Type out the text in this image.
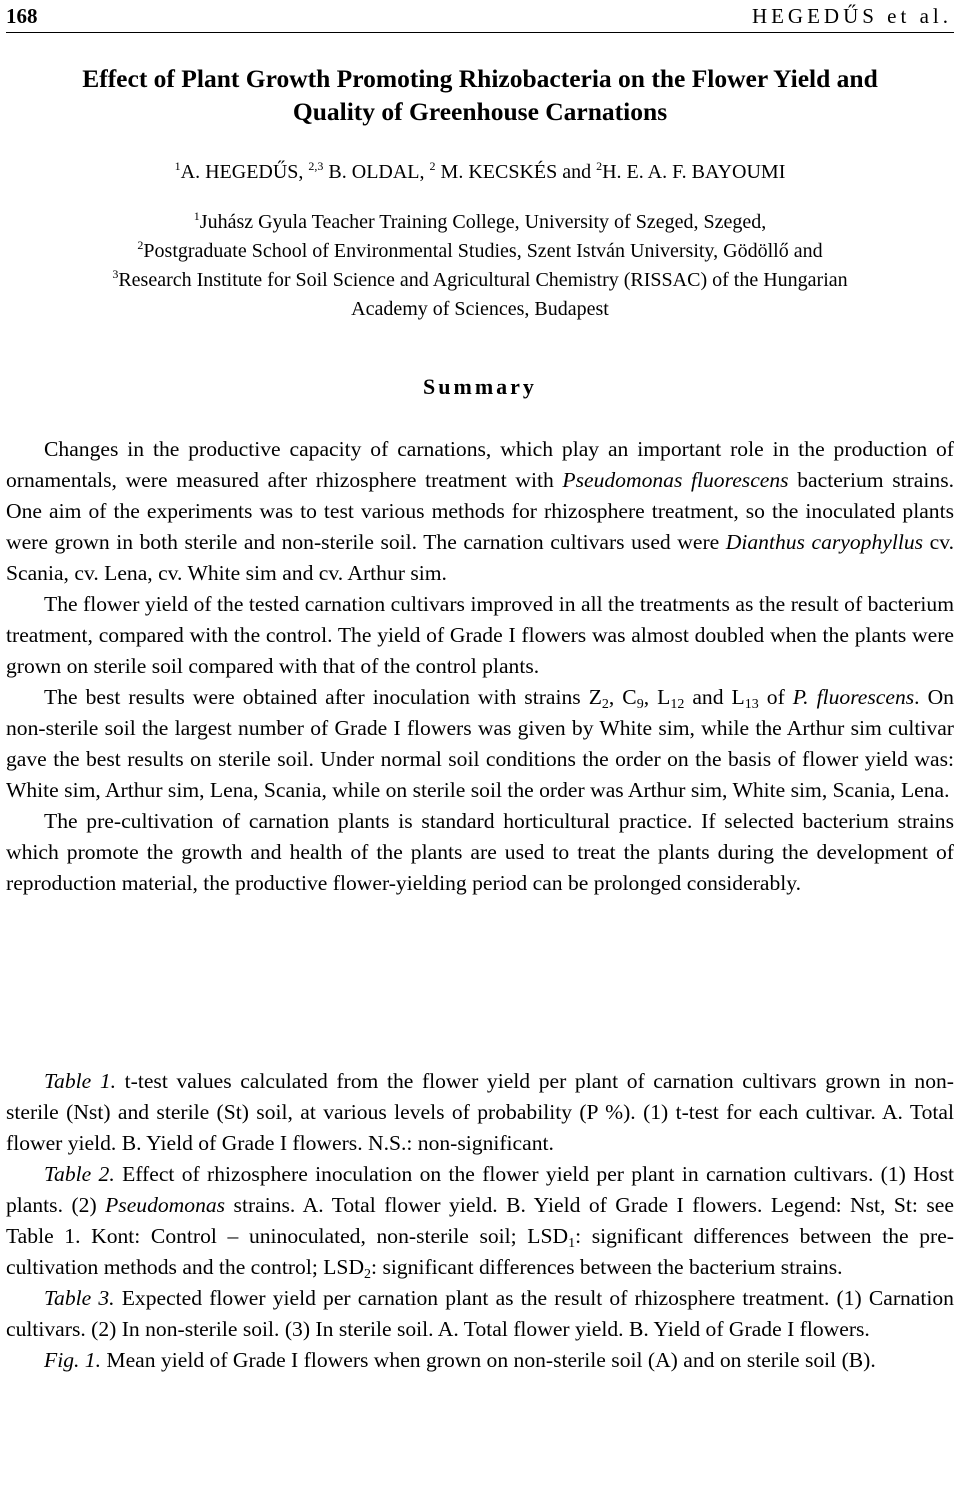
168	HEGEDŰS et al.
Effect of Plant Growth Promoting Rhizobacteria on the Flower Yield and
Quality of Greenhouse Carnations
$^1$A. HEGEDŰS, $^{2,3}$ B. OLDAL, $^2$ M. KECSKÉS and $^2$H. E. A. F. BAYOUMI
$^1$Juhász Gyula Teacher Training College, University of Szeged, Szeged,
$^2$Postgraduate School of Environmental Studies, Szent István University, Gödöllő and
$^3$Research Institute for Soil Science and Agricultural Chemistry (RISSAC) of the Hungarian
Academy of Sciences, Budapest
Summary

Changes in the productive capacity of carnations, which play an important role in the production of ornamentals, were measured after rhizosphere treatment with Pseudomonas fluorescens bacterium strains. One aim of the experiments was to test various methods for rhizosphere treatment, so the inoculated plants were grown in both sterile and non-sterile soil. The carnation cultivars used were Dianthus caryophyllus cv. Scania, cv. Lena, cv. White sim and cv. Arthur sim.

The flower yield of the tested carnation cultivars improved in all the treatments as the result of bacterium treatment, compared with the control. The yield of Grade I flowers was almost doubled when the plants were grown on sterile soil compared with that of the control plants.

The best results were obtained after inoculation with strains $Z_2$, $C_9$, $L_{12}$ and $L_{13}$ of P. fluorescens. On non-sterile soil the largest number of Grade I flowers was given by White sim, while the Arthur sim cultivar gave the best results on sterile soil. Under normal soil conditions the order on the basis of flower yield was: White sim, Arthur sim, Lena, Scania, while on sterile soil the order was Arthur sim, White sim, Scania, Lena.

The pre-cultivation of carnation plants is standard horticultural practice. If selected bacterium strains which promote the growth and health of the plants are used to treat the plants during the development of reproduction material, the productive flower-yielding period can be prolonged considerably.

Table 1. t-test values calculated from the flower yield per plant of carnation cultivars grown in non-sterile (Nst) and sterile (St) soil, at various levels of probability (P %). (1) t-test for each cultivar. A. Total flower yield. B. Yield of Grade I flowers. N.S.: non-significant.

Table 2. Effect of rhizosphere inoculation on the flower yield per plant in carnation cultivars. (1) Host plants. (2) Pseudomonas strains. A. Total flower yield. B. Yield of Grade I flowers. Legend: Nst, St: see Table 1. Kont: Control – uninoculated, non-sterile soil; $LSD_1$: significant differences between the pre-cultivation methods and the control; $LSD_2$: significant differences between the bacterium strains.

Table 3. Expected flower yield per carnation plant as the result of rhizosphere treatment. (1) Carnation cultivars. (2) In non-sterile soil. (3) In sterile soil. A. Total flower yield. B. Yield of Grade I flowers.

Fig. 1. Mean yield of Grade I flowers when grown on non-sterile soil (A) and on sterile soil (B).
